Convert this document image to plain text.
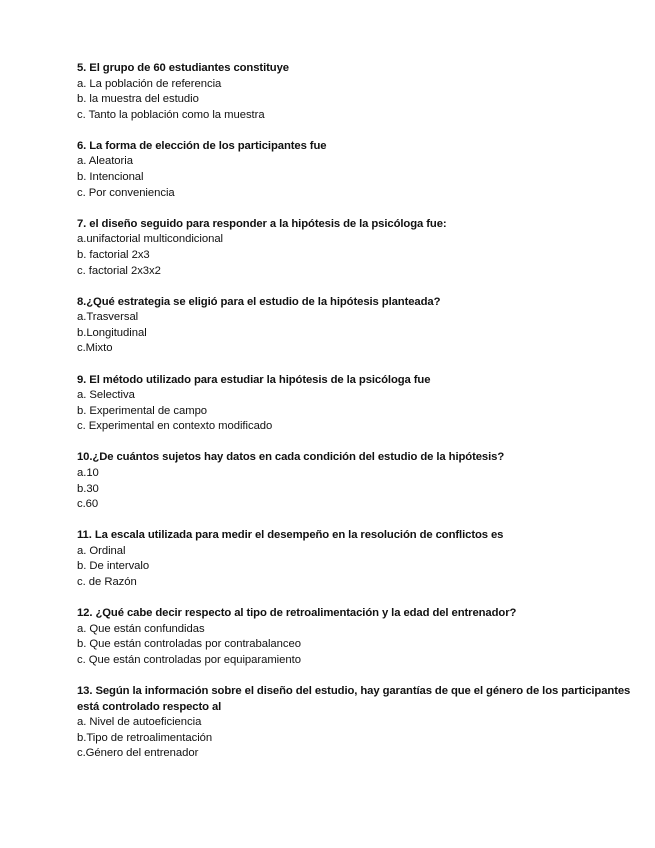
5. El grupo de 60 estudiantes constituye

a. La población de referencia

b. la muestra del estudio

c. Tanto la población como la muestra

6. La forma de elección de los participantes fue

a. Aleatoria

b. Intencional

c. Por conveniencia

7. el diseño seguido para responder a la hipótesis de la psicóloga fue:

a.unifactorial multicondicional

b. factorial 2x3

c. factorial 2x3x2

8.¿Qué estrategia se eligió para el estudio de la hipótesis planteada?

a.Trasversal

b.Longitudinal

c.Mixto

9. El método utilizado para estudiar la hipótesis de la psicóloga fue

a. Selectiva

b. Experimental de campo

c. Experimental en contexto modificado

10.¿De cuántos sujetos hay datos en cada condición del estudio de la hipótesis?

a.10

b.30

c.60

11. La escala utilizada para medir el desempeño en la resolución de conflictos es

a. Ordinal

b. De intervalo

c. de Razón

12. ¿Qué cabe decir respecto al tipo de retroalimentación y la edad del entrenador?

a. Que están confundidas

b. Que están controladas por contrabalanceo

c. Que están controladas por equiparamiento

13. Según la información sobre el diseño del estudio, hay garantías de que el género de los participantes está controlado respecto al

a. Nivel de autoeficiencia

b.Tipo de retroalimentación

c.Género del entrenador
